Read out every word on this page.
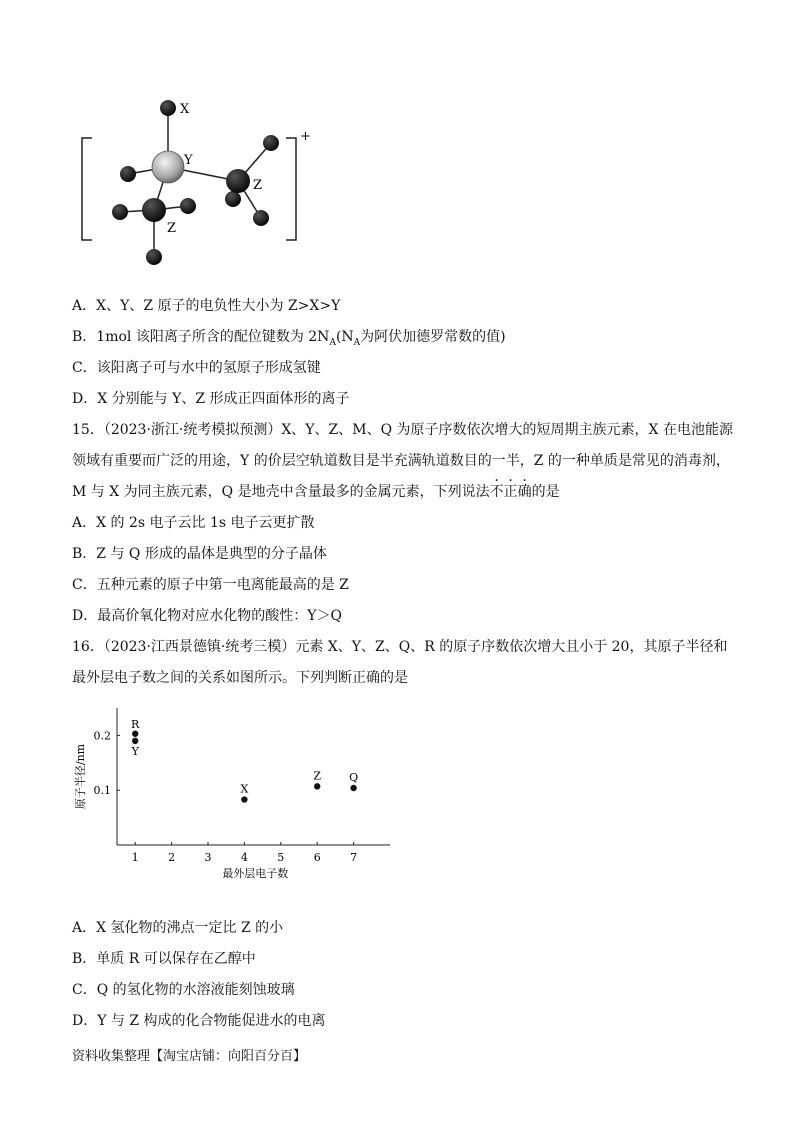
+
X
Y
Z
Z
A．X、Y、Z 原子的电负性大小为 Z>X>Y
B．1mol 该阳离子所含的配位键数为 $2N_A(N_A$为阿伏加德罗常数的值)
C．该阳离子可与水中的氢原子形成氢键
D．X 分别能与 Y、Z 形成正四面体形的离子
15．（2023·浙江·统考模拟预测）X、Y、Z、M、Q 为原子序数依次增大的短周期主族元素，X 在电池能源
领域有重要而广泛的用途，Y 的价层空轨道数目是半充满轨道数目的一半，Z 的一种单质是常见的消毒剂，
M 与 X 为同主族元素，Q 是地壳中含量最多的金属元素，下列说法不正确的是
A．X 的 2s 电子云比 1s 电子云更扩散
B．Z 与 Q 形成的晶体是典型的分子晶体
C．五种元素的原子中第一电离能最高的是 Z
D．最高价氧化物对应水化物的酸性：Y＞Q
16．（2023·江西景德镇·统考三模）元素 X、Y、Z、Q、R 的原子序数依次增大且小于 20，其原子半径和
最外层电子数之间的关系如图所示。下列判断正确的是
1	2	3	4	5	6	7
0.1
0.2
最外层电子数
原子半径/nm
R
Y
X
Z	Q
A．X 氢化物的沸点一定比 Z 的小
B．单质 R 可以保存在乙醇中
C．Q 的氢化物的水溶液能刻蚀玻璃
D．Y 与 Z 构成的化合物能促进水的电离
资料收集整理【淘宝店铺：向阳百分百】
